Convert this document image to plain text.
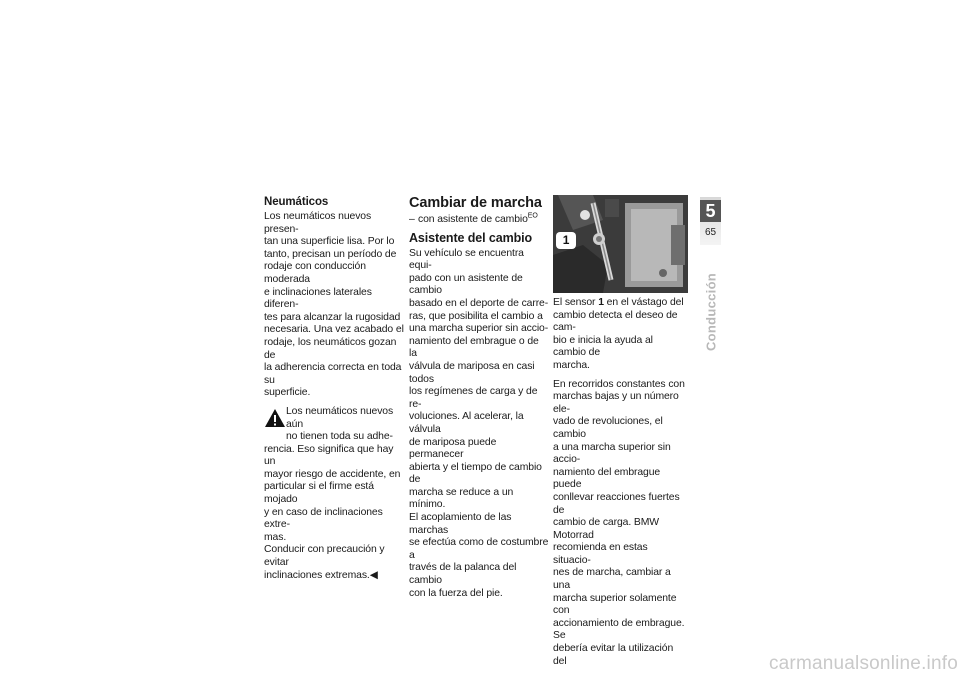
Neumáticos

Los neumáticos nuevos presen-
tan una superficie lisa. Por lo
tanto, precisan un período de
rodaje con conducción moderada
e inclinaciones laterales diferen-
tes para alcanzar la rugosidad
necesaria. Una vez acabado el
rodaje, los neumáticos gozan de
la adherencia correcta en toda su
superficie.

Los neumáticos nuevos aún
no tienen toda su adhe-

rencia. Eso significa que hay un
mayor riesgo de accidente, en
particular si el firme está mojado
y en caso de inclinaciones extre-
mas.
Conducir con precaución y evitar
inclinaciones extremas.◀

Cambiar de marcha
– con asistente de cambio$^{EO}$
Asistente del cambio

Su vehículo se encuentra equi-
pado con un asistente de cambio
basado en el deporte de carre-
ras, que posibilita el cambio a
una marcha superior sin accio-
namiento del embrague o de la
válvula de mariposa en casi todos
los regímenes de carga y de re-
voluciones. Al acelerar, la válvula
de mariposa puede permanecer
abierta y el tiempo de cambio de
marcha se reduce a un mínimo.
El acoplamiento de las marchas
se efectúa como de costumbre a
través de la palanca del cambio
con la fuerza del pie.

1

El sensor 1 en el vástago del
cambio detecta el deseo de cam-
bio e inicia la ayuda al cambio de
marcha.

En recorridos constantes con
marchas bajas y un número ele-
vado de revoluciones, el cambio
a una marcha superior sin accio-
namiento del embrague puede
conllevar reacciones fuertes de
cambio de carga. BMW Motorrad
recomienda en estas situacio-
nes de marcha, cambiar a una
marcha superior solamente con
accionamiento de embrague. Se
debería evitar la utilización del

5
65
Conducción
carmanualsonline.info
